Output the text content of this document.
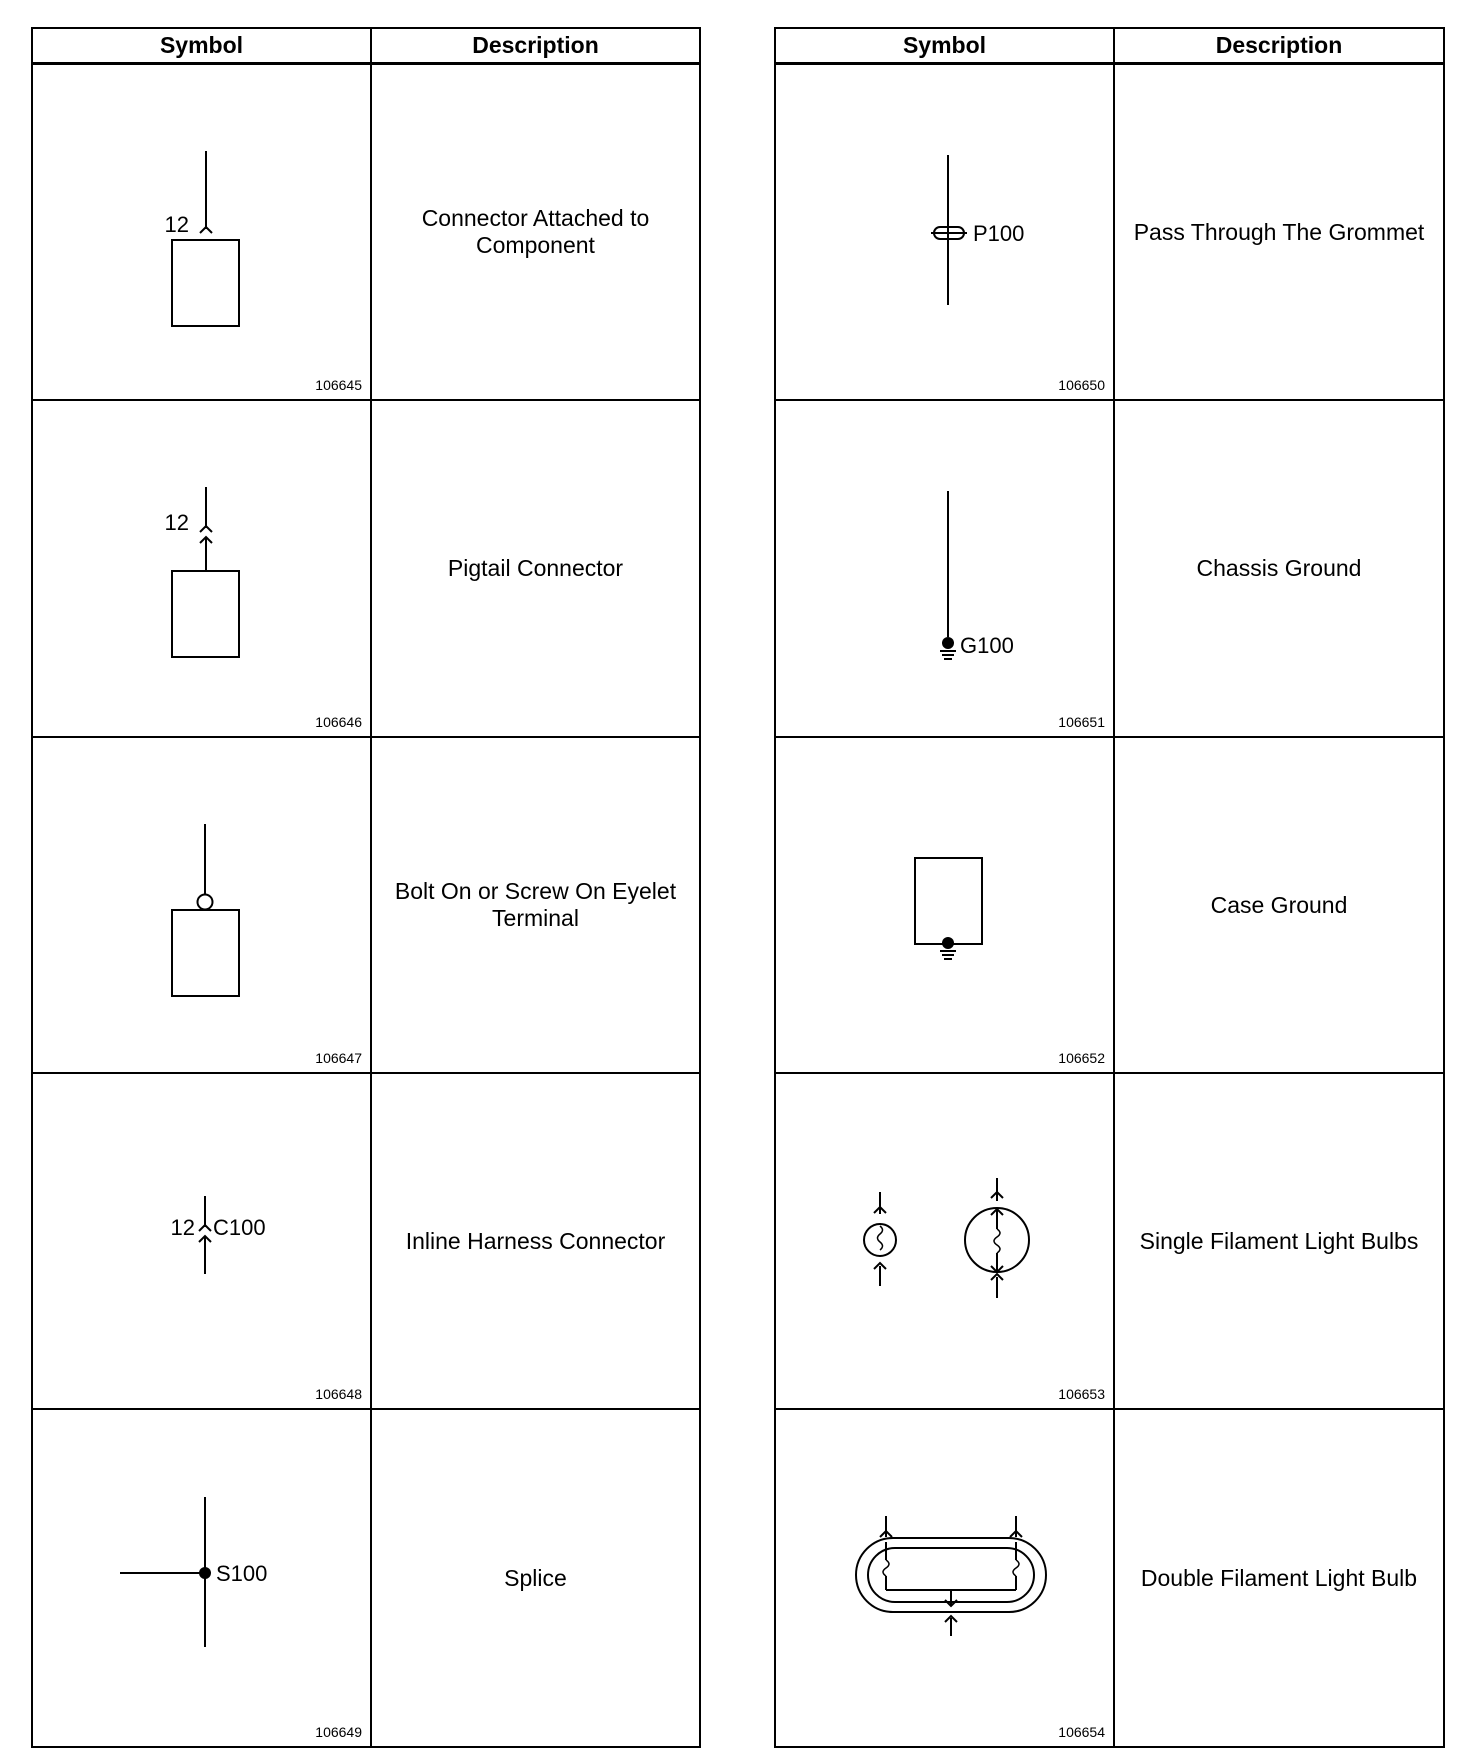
Symbol	Description
12
106645
Connector Attached to Component
12
106646
Pigtail Connector
106647
Bolt On or Screw On Eyelet Terminal
12 C100
106648
Inline Harness Connector
S100
106649
Splice
Symbol	Description
P100
106650
Pass Through The Grommet
G100
106651
Chassis Ground
106652
Case Ground
106653
Single Filament Light Bulbs
106654
Double Filament Light Bulb
